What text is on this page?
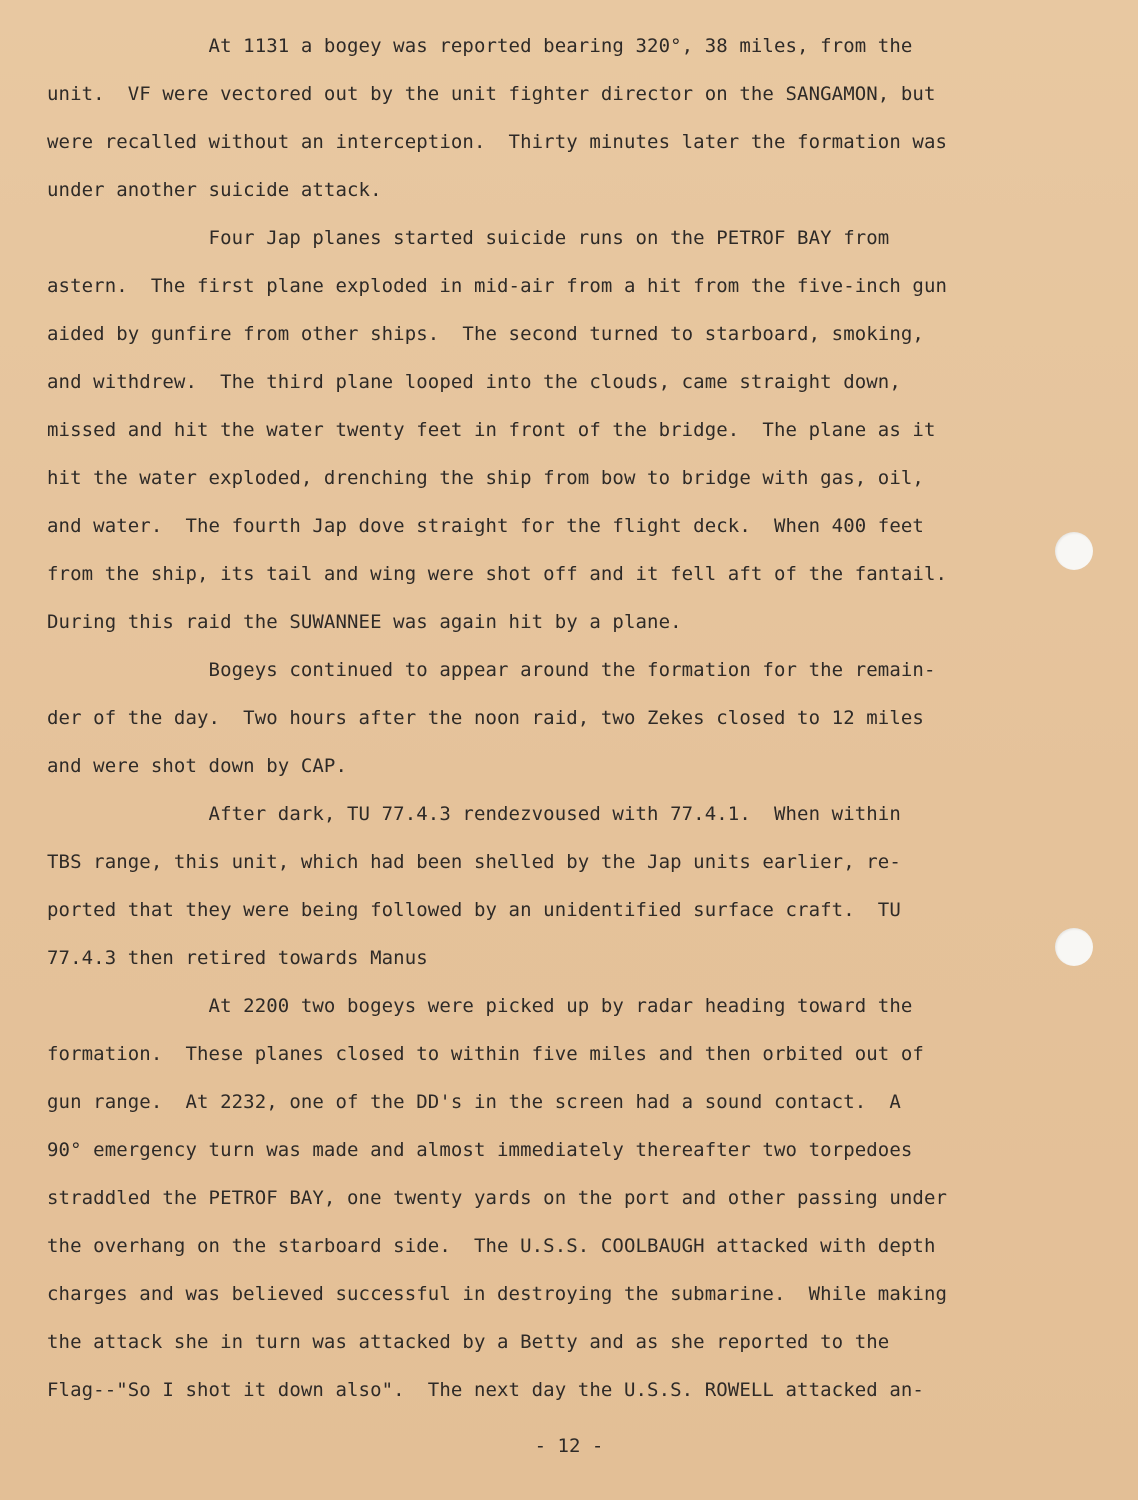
At 1131 a bogey was reported bearing 320°, 38 miles, from the
unit.  VF were vectored out by the unit fighter director on the SANGAMON, but
were recalled without an interception.  Thirty minutes later the formation was
under another suicide attack.
Four Jap planes started suicide runs on the PETROF BAY from
astern.  The first plane exploded in mid-air from a hit from the five-inch gun
aided by gunfire from other ships.  The second turned to starboard, smoking,
and withdrew.  The third plane looped into the clouds, came straight down,
missed and hit the water twenty feet in front of the bridge.  The plane as it
hit the water exploded, drenching the ship from bow to bridge with gas, oil,
and water.  The fourth Jap dove straight for the flight deck.  When 400 feet
from the ship, its tail and wing were shot off and it fell aft of the fantail.
During this raid the SUWANNEE was again hit by a plane.
Bogeys continued to appear around the formation for the remain-
der of the day.  Two hours after the noon raid, two Zekes closed to 12 miles
and were shot down by CAP.
After dark, TU 77.4.3 rendezvoused with 77.4.1.  When within
TBS range, this unit, which had been shelled by the Jap units earlier, re-
ported that they were being followed by an unidentified surface craft.  TU
77.4.3 then retired towards Manus
At 2200 two bogeys were picked up by radar heading toward the
formation.  These planes closed to within five miles and then orbited out of
gun range.  At 2232, one of the DD's in the screen had a sound contact.  A
90° emergency turn was made and almost immediately thereafter two torpedoes
straddled the PETROF BAY, one twenty yards on the port and other passing under
the overhang on the starboard side.  The U.S.S. COOLBAUGH attacked with depth
charges and was believed successful in destroying the submarine.  While making
the attack she in turn was attacked by a Betty and as she reported to the
Flag--"So I shot it down also".  The next day the U.S.S. ROWELL attacked an-
- 12 -
